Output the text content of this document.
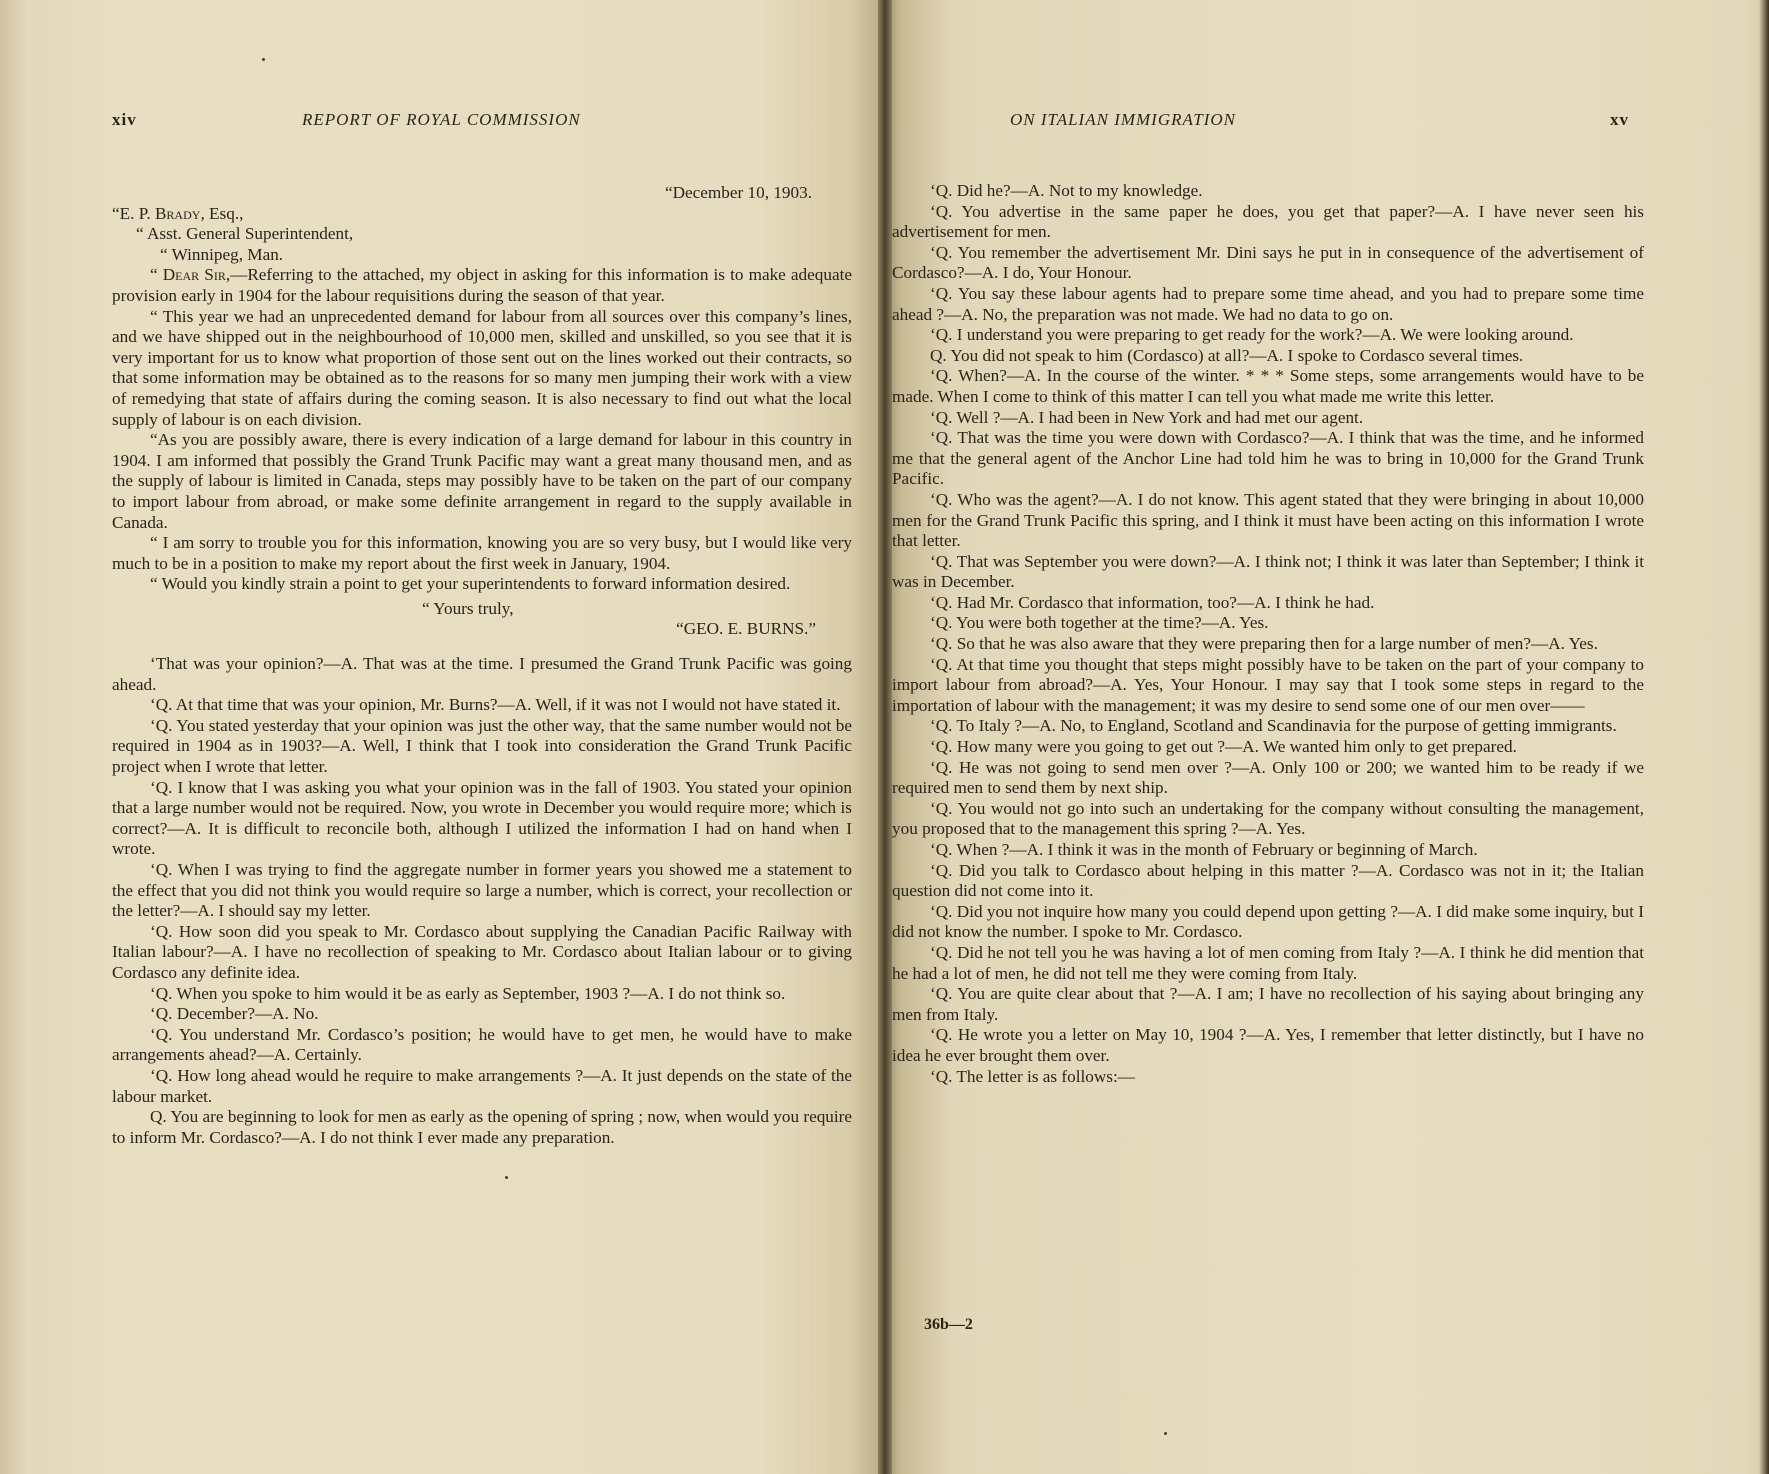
xiv	REPORT OF ROYAL COMMISSION

“December 10, 1903.

“E. P. Brady, Esq.,

“ Asst. General Superintendent,

“ Winnipeg, Man.

“ Dear Sir,—Referring to the attached, my object in asking for this information is to make adequate provision early in 1904 for the labour requisitions during the season of that year.

“ This year we had an unprecedented demand for labour from all sources over this company’s lines, and we have shipped out in the neighbourhood of 10,000 men, skilled and unskilled, so you see that it is very important for us to know what proportion of those sent out on the lines worked out their contracts, so that some information may be obtained as to the reasons for so many men jumping their work with a view of remedying that state of affairs during the coming season. It is also necessary to find out what the local supply of labour is on each division.

“As you are possibly aware, there is every indication of a large demand for labour in this country in 1904. I am informed that possibly the Grand Trunk Pacific may want a great many thousand men, and as the supply of labour is limited in Canada, steps may possibly have to be taken on the part of our company to import labour from abroad, or make some definite arrangement in regard to the supply available in Canada.

“ I am sorry to trouble you for this information, knowing you are so very busy, but I would like very much to be in a position to make my report about the first week in January, 1904.

“ Would you kindly strain a point to get your superintendents to forward information desired.

“ Yours truly,

“GEO. E. BURNS.”

‘That was your opinion?—A. That was at the time. I presumed the Grand Trunk Pacific was going ahead.

‘Q. At that time that was your opinion, Mr. Burns?—A. Well, if it was not I would not have stated it.

‘Q. You stated yesterday that your opinion was just the other way, that the same number would not be required in 1904 as in 1903?—A. Well, I think that I took into consideration the Grand Trunk Pacific project when I wrote that letter.

‘Q. I know that I was asking you what your opinion was in the fall of 1903. You stated your opinion that a large number would not be required. Now, you wrote in December you would require more; which is correct?—A. It is difficult to reconcile both, although I utilized the information I had on hand when I wrote.

‘Q. When I was trying to find the aggregate number in former years you showed me a statement to the effect that you did not think you would require so large a number, which is correct, your recollection or the letter?—A. I should say my letter.

‘Q. How soon did you speak to Mr. Cordasco about supplying the Canadian Pacific Railway with Italian labour?—A. I have no recollection of speaking to Mr. Cordasco about Italian labour or to giving Cordasco any definite idea.

‘Q. When you spoke to him would it be as early as September, 1903 ?—A. I do not think so.

‘Q. December?—A. No.

‘Q. You understand Mr. Cordasco’s position; he would have to get men, he would have to make arrangements ahead?—A. Certainly.

‘Q. How long ahead would he require to make arrangements ?—A. It just depends on the state of the labour market.

Q. You are beginning to look for men as early as the opening of spring ; now, when would you require to inform Mr. Cordasco?—A. I do not think I ever made any preparation.

ON ITALIAN IMMIGRATION	xv

‘Q. Did he?—A. Not to my knowledge.

‘Q. You advertise in the same paper he does, you get that paper?—A. I have never seen his advertisement for men.

‘Q. You remember the advertisement Mr. Dini says he put in in consequence of the advertisement of Cordasco?—A. I do, Your Honour.

‘Q. You say these labour agents had to prepare some time ahead, and you had to prepare some time ahead ?—A. No, the preparation was not made. We had no data to go on.

‘Q. I understand you were preparing to get ready for the work?—A. We were looking around.

Q. You did not speak to him (Cordasco) at all?—A. I spoke to Cordasco several times.

‘Q. When?—A. In the course of the winter. * * * Some steps, some arrangements would have to be made. When I come to think of this matter I can tell you what made me write this letter.

‘Q. Well ?—A. I had been in New York and had met our agent.

‘Q. That was the time you were down with Cordasco?—A. I think that was the time, and he informed me that the general agent of the Anchor Line had told him he was to bring in 10,000 for the Grand Trunk Pacific.

‘Q. Who was the agent?—A. I do not know. This agent stated that they were bringing in about 10,000 men for the Grand Trunk Pacific this spring, and I think it must have been acting on this information I wrote that letter.

‘Q. That was September you were down?—A. I think not; I think it was later than September; I think it was in December.

‘Q. Had Mr. Cordasco that information, too?—A. I think he had.

‘Q. You were both together at the time?—A. Yes.

‘Q. So that he was also aware that they were preparing then for a large number of men?—A. Yes.

‘Q. At that time you thought that steps might possibly have to be taken on the part of your company to import labour from abroad?—A. Yes, Your Honour. I may say that I took some steps in regard to the importation of labour with the management; it was my desire to send some one of our men over——

‘Q. To Italy ?—A. No, to England, Scotland and Scandinavia for the purpose of getting immigrants.

‘Q. How many were you going to get out ?—A. We wanted him only to get prepared.

‘Q. He was not going to send men over ?—A. Only 100 or 200; we wanted him to be ready if we required men to send them by next ship.

‘Q. You would not go into such an undertaking for the company without consulting the management, you proposed that to the management this spring ?—A. Yes.

‘Q. When ?—A. I think it was in the month of February or beginning of March.

‘Q. Did you talk to Cordasco about helping in this matter ?—A. Cordasco was not in it; the Italian question did not come into it.

‘Q. Did you not inquire how many you could depend upon getting ?—A. I did make some inquiry, but I did not know the number. I spoke to Mr. Cordasco.

‘Q. Did he not tell you he was having a lot of men coming from Italy ?—A. I think he did mention that he had a lot of men, he did not tell me they were coming from Italy.

‘Q. You are quite clear about that ?—A. I am; I have no recollection of his saying about bringing any men from Italy.

‘Q. He wrote you a letter on May 10, 1904 ?—A. Yes, I remember that letter distinctly, but I have no idea he ever brought them over.

‘Q. The letter is as follows:—

36b—2
